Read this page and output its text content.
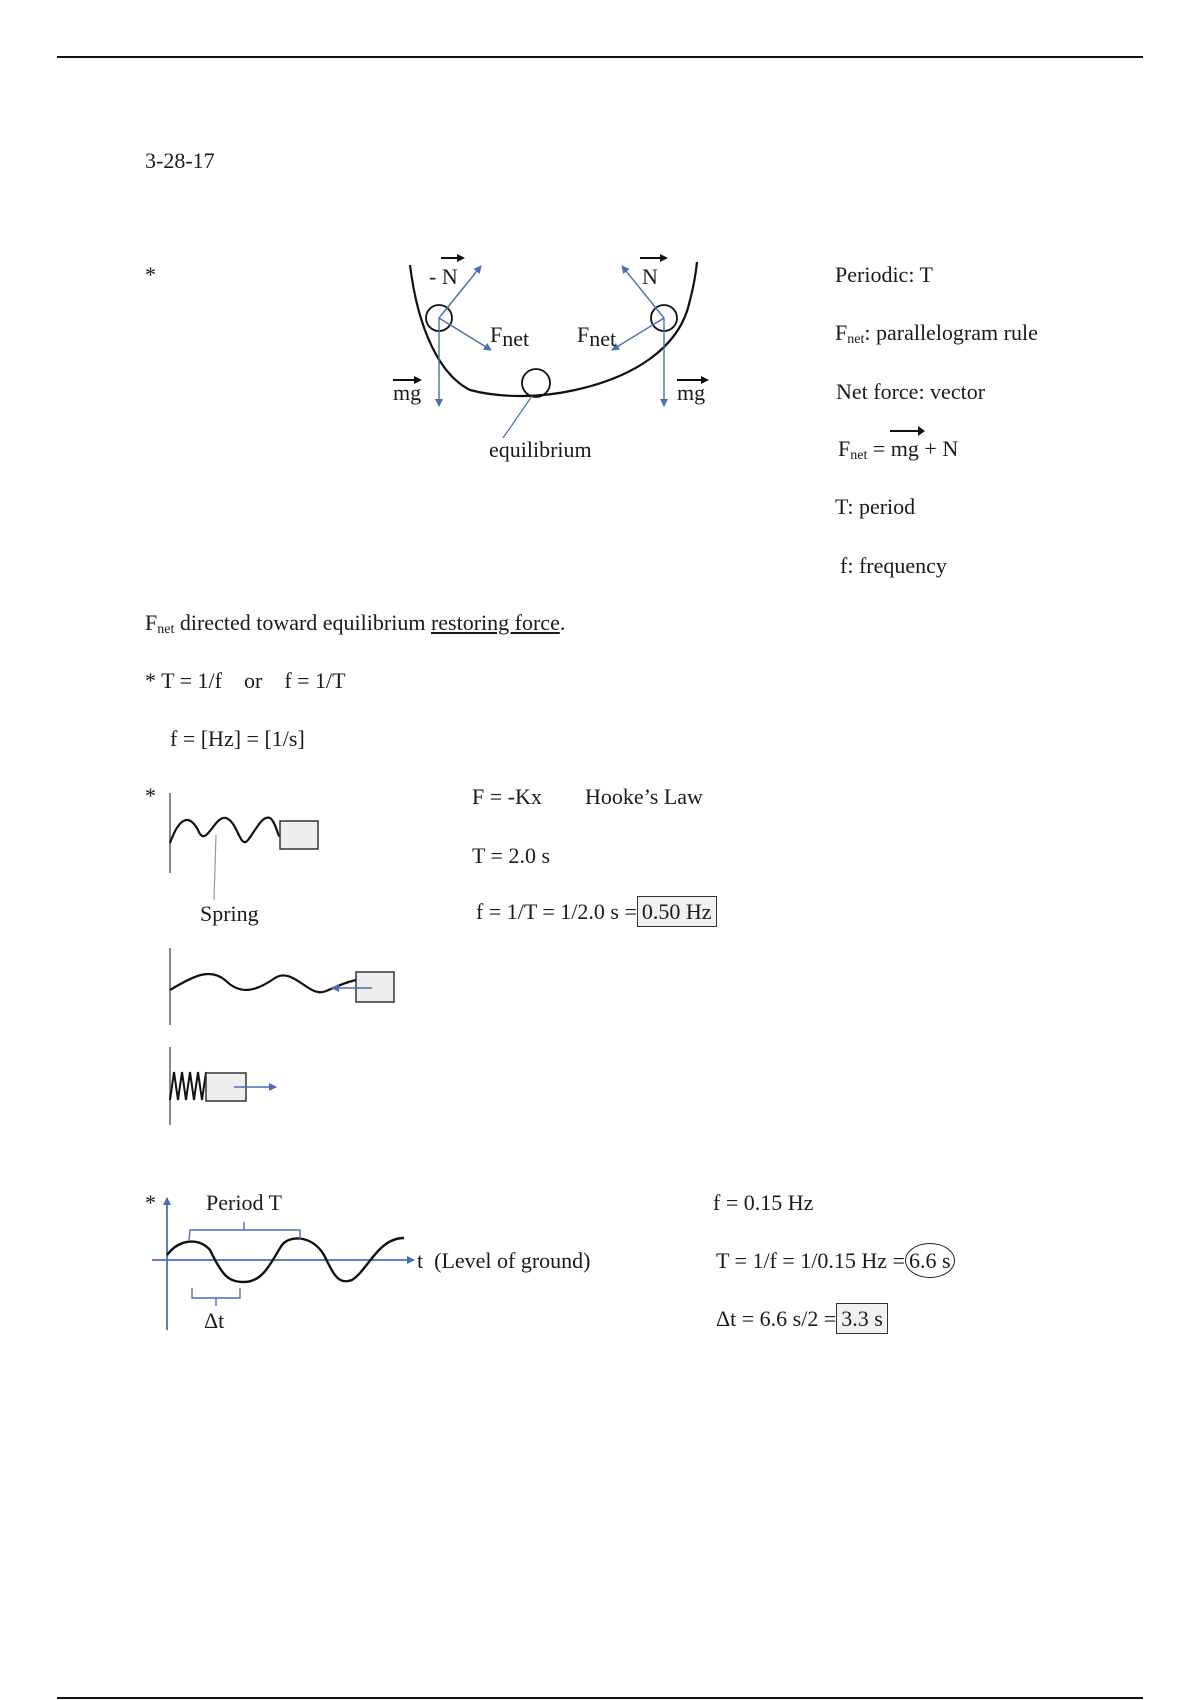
3-28-17
*	- N	N
Fnet Fnet
mg	mg
equilibrium
Periodic: T
$F_{net}$: parallelogram rule
Net force: vector
$F_{net}$ = mg + N
T: period
f: frequency
$F_{net}$ directed toward equilibrium restoring force.
* T = 1/f    or    f = 1/T
f = [Hz] = [1/s]
*
Spring
F = -Kx Hooke’s Law
T = 2.0 s
f = 1/T = 1/2.0 s = 0.50 Hz
* Period T
t  (Level of ground)
Δt
f = 0.15 Hz
T = 1/f = 1/0.15 Hz = 6.6 s
Δt = 6.6 s/2 = 3.3 s
